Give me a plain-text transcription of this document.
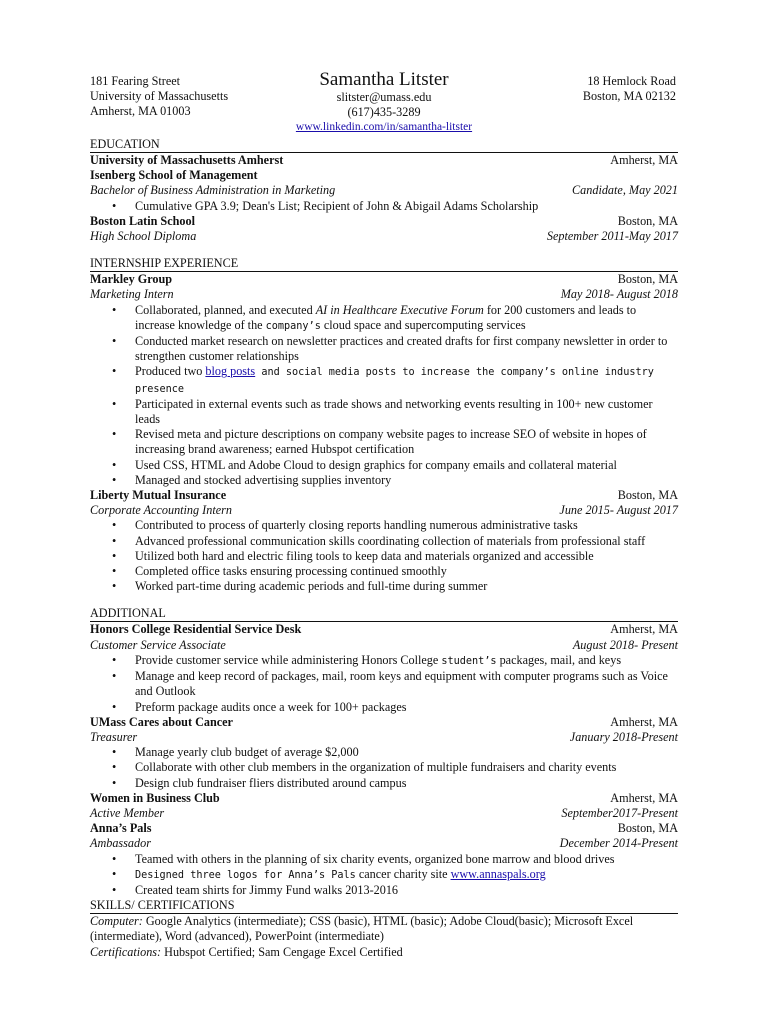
181 Fearing Street
University of Massachusetts
Amherst, MA 01003
Samantha Litster
slitster@umass.edu
(617)435-3289
www.linkedin.com/in/samantha-litster
18 Hemlock Road
Boston, MA 02132
EDUCATION
University of Massachusetts Amherst	Amherst, MA
Isenberg School of Management
Bachelor of Business Administration in Marketing	Candidate, May 2021
• Cumulative GPA 3.9; Dean's List; Recipient of John & Abigail Adams Scholarship
Boston Latin School	Boston, MA
High School Diploma	September 2011-May 2017
INTERNSHIP EXPERIENCE
Markley Group	Boston, MA
Marketing Intern	May 2018- August 2018
• Collaborated, planned, and executed AI in Healthcare Executive Forum for 200 customers and leads to increase knowledge of the company’s cloud space and supercomputing services
• Conducted market research on newsletter practices and created drafts for first company newsletter in order to strengthen customer relationships
• Produced two blog posts and social media posts to increase the company’s online industry presence
• Participated in external events such as trade shows and networking events resulting in 100+ new customer leads
• Revised meta and picture descriptions on company website pages to increase SEO of website in hopes of increasing brand awareness; earned Hubspot certification
• Used CSS, HTML and Adobe Cloud to design graphics for company emails and collateral material
• Managed and stocked advertising supplies inventory
Liberty Mutual Insurance	Boston, MA
Corporate Accounting Intern	June 2015- August 2017
• Contributed to process of quarterly closing reports handling numerous administrative tasks
• Advanced professional communication skills coordinating collection of materials from professional staff
• Utilized both hard and electric filing tools to keep data and materials organized and accessible
• Completed office tasks ensuring processing continued smoothly
• Worked part-time during academic periods and full-time during summer
ADDITIONAL
Honors College Residential Service Desk	Amherst, MA
Customer Service Associate	August 2018- Present
• Provide customer service while administering Honors College student’s packages, mail, and keys
• Manage and keep record of packages, mail, room keys and equipment with computer programs such as Voice and Outlook
• Preform package audits once a week for 100+ packages
UMass Cares about Cancer	Amherst, MA
Treasurer	January 2018-Present
• Manage yearly club budget of average $2,000
• Collaborate with other club members in the organization of multiple fundraisers and charity events
• Design club fundraiser fliers distributed around campus
Women in Business Club	Amherst, MA
Active Member	September2017-Present
Anna’s Pals	Boston, MA
Ambassador	December 2014-Present
• Teamed with others in the planning of six charity events, organized bone marrow and blood drives
• Designed three logos for Anna’s Pals cancer charity site www.annaspals.org
• Created team shirts for Jimmy Fund walks 2013-2016
SKILLS/ CERTIFICATIONS
Computer: Google Analytics (intermediate); CSS (basic), HTML (basic); Adobe Cloud(basic); Microsoft Excel (intermediate), Word (advanced), PowerPoint (intermediate)
Certifications: Hubspot Certified; Sam Cengage Excel Certified
